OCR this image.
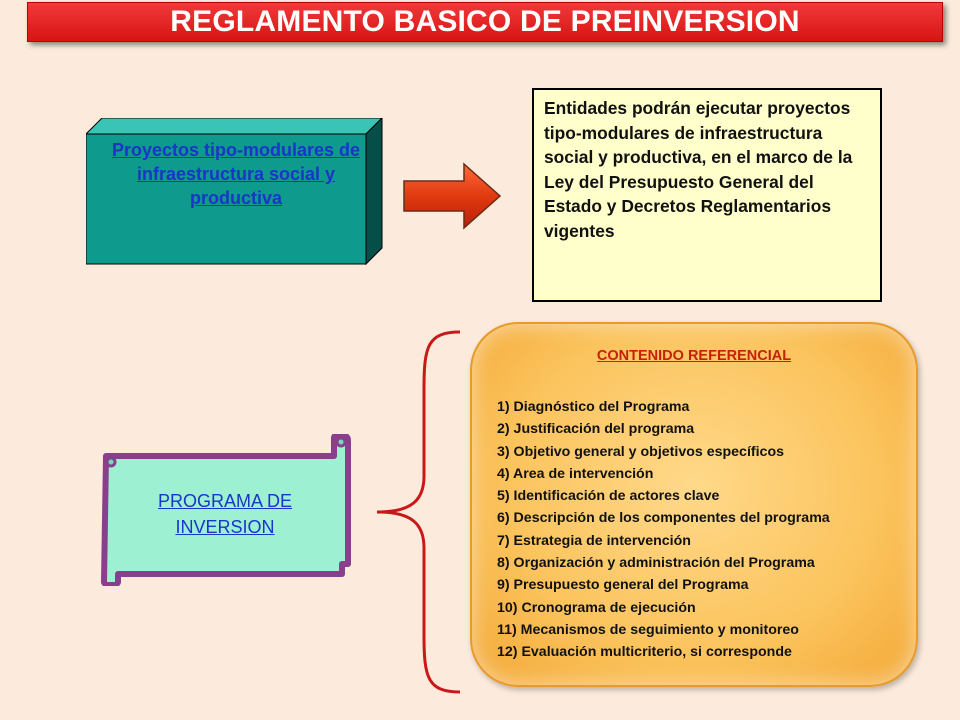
REGLAMENTO BASICO DE PREINVERSION
Proyectos tipo-modulares de infraestructura social y productiva
Entidades podrán ejecutar proyectos tipo-modulares de infraestructura social y productiva, en el marco de la Ley del Presupuesto General del Estado y Decretos Reglamentarios vigentes
PROGRAMA DE INVERSION
CONTENIDO REFERENCIAL
1) Diagnóstico del Programa
2) Justificación del programa
3) Objetivo general y objetivos específicos
4) Area de intervención
5) Identificación de actores clave
6) Descripción de los componentes del programa
7) Estrategia de intervención
8) Organización y administración del Programa
9) Presupuesto general del Programa
10) Cronograma de ejecución
11) Mecanismos de seguimiento y monitoreo
12) Evaluación multicriterio, si corresponde
